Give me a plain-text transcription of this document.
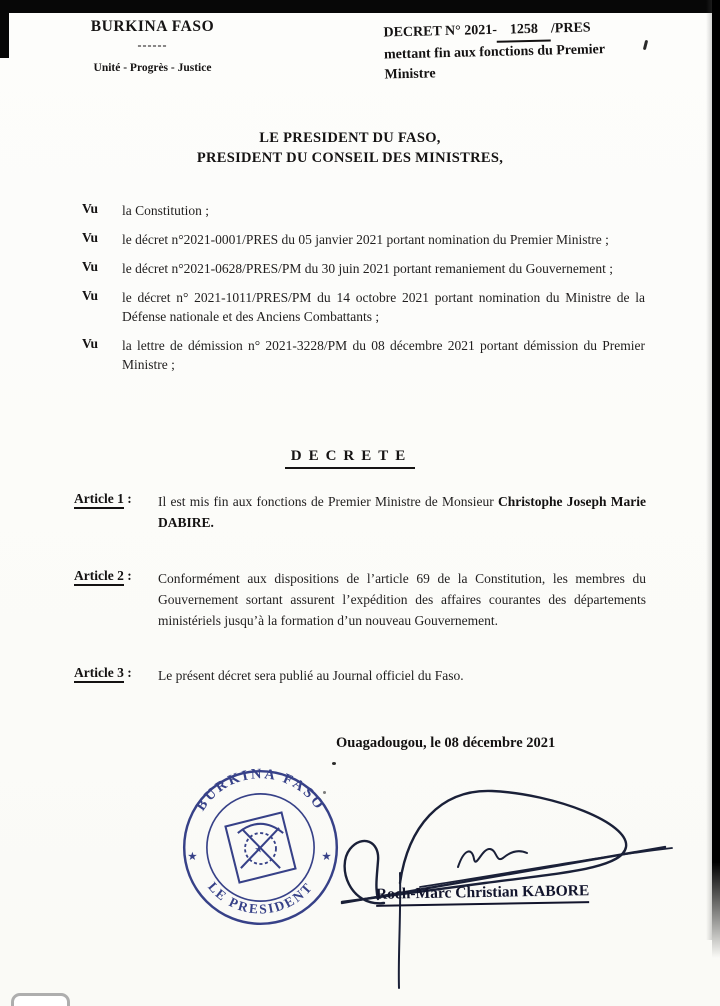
BURKINA FASO
------
Unité - Progrès - Justice
DECRET N° 2021- 1258 /PRES
mettant fin aux fonctions du Premier
Ministre
LE PRESIDENT DU FASO,
PRESIDENT DU CONSEIL DES MINISTRES,
Vu	la Constitution ;
Vu	le décret n°2021-0001/PRES du 05 janvier 2021 portant nomination du Premier Ministre ;
Vu	le décret n°2021-0628/PRES/PM du 30 juin 2021 portant remaniement du Gouvernement ;
Vu	le décret n° 2021-1011/PRES/PM du 14 octobre 2021 portant nomination du Ministre de la Défense nationale et des Anciens Combattants ;
Vu	la lettre de démission n° 2021-3228/PM du 08 décembre 2021 portant démission du Premier Ministre ;
DECRETE
Article 1 :	Il est mis fin aux fonctions de Premier Ministre de Monsieur Christophe Joseph Marie DABIRE.
Article 2 :	Conformément aux dispositions de l’article 69 de la Constitution, les membres du Gouvernement sortant assurent l’expédition des affaires courantes des départements ministériels jusqu’à la formation d’un nouveau Gouvernement.
Article 3 :	Le présent décret sera publié au Journal officiel du Faso.
Ouagadougou, le 08 décembre 2021
BURKINA FASO
LE PRESIDENT
★	★
★
Roch-Marc Christian KABORE
